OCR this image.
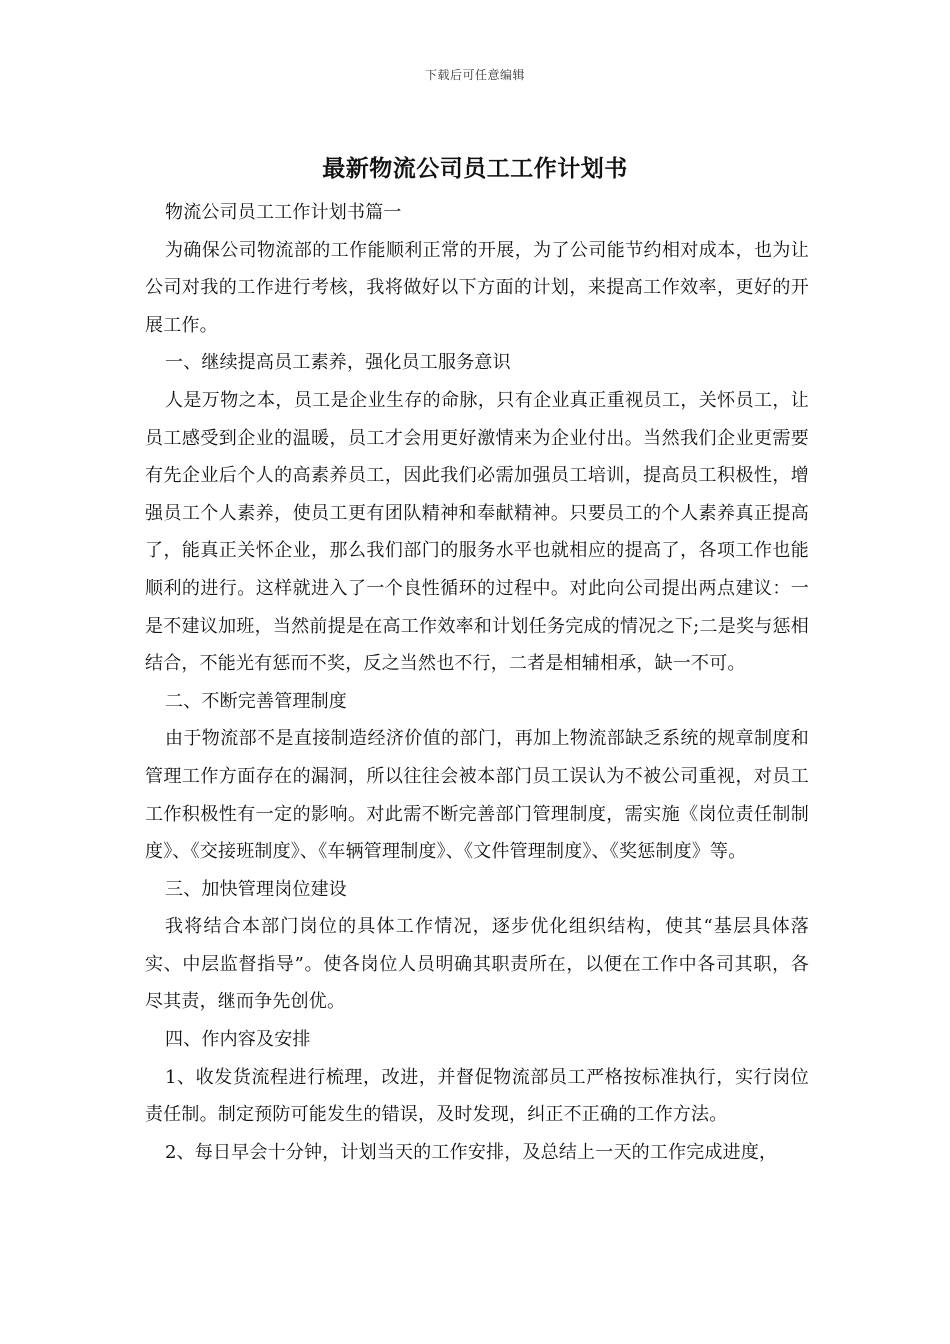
下载后可任意编辑
最新物流公司员工工作计划书

物流公司员工工作计划书篇一

为确保公司物流部的工作能顺利正常的开展，为了公司能节约相对成本，也为让公司对我的工作进行考核，我将做好以下方面的计划，来提高工作效率，更好的开展工作。

一、继续提高员工素养，强化员工服务意识

人是万物之本，员工是企业生存的命脉，只有企业真正重视员工，关怀员工，让员工感受到企业的温暖，员工才会用更好激情来为企业付出。当然我们企业更需要有先企业后个人的高素养员工，因此我们必需加强员工培训，提高员工积极性，增强员工个人素养，使员工更有团队精神和奉献精神。只要员工的个人素养真正提高了，能真正关怀企业，那么我们部门的服务水平也就相应的提高了，各项工作也能顺利的进行。这样就进入了一个良性循环的过程中。对此向公司提出两点建议：一是不建议加班，当然前提是在高工作效率和计划任务完成的情况之下;二是奖与惩相结合，不能光有惩而不奖，反之当然也不行，二者是相辅相承，缺一不可。

二、不断完善管理制度

由于物流部不是直接制造经济价值的部门，再加上物流部缺乏系统的规章制度和管理工作方面存在的漏洞，所以往往会被本部门员工误认为不被公司重视，对员工工作积极性有一定的影响。对此需不断完善部门管理制度，需实施《岗位责任制制度》、《交接班制度》、《车辆管理制度》、《文件管理制度》、《奖惩制度》等。

三、加快管理岗位建设

我将结合本部门岗位的具体工作情况，逐步优化组织结构，使其“基层具体落实、中层监督指导”。使各岗位人员明确其职责所在，以便在工作中各司其职，各尽其责，继而争先创优。

四、作内容及安排

1、收发货流程进行梳理，改进，并督促物流部员工严格按标准执行，实行岗位责任制。制定预防可能发生的错误，及时发现，纠正不正确的工作方法。

2、每日早会十分钟，计划当天的工作安排，及总结上一天的工作完成进度，
